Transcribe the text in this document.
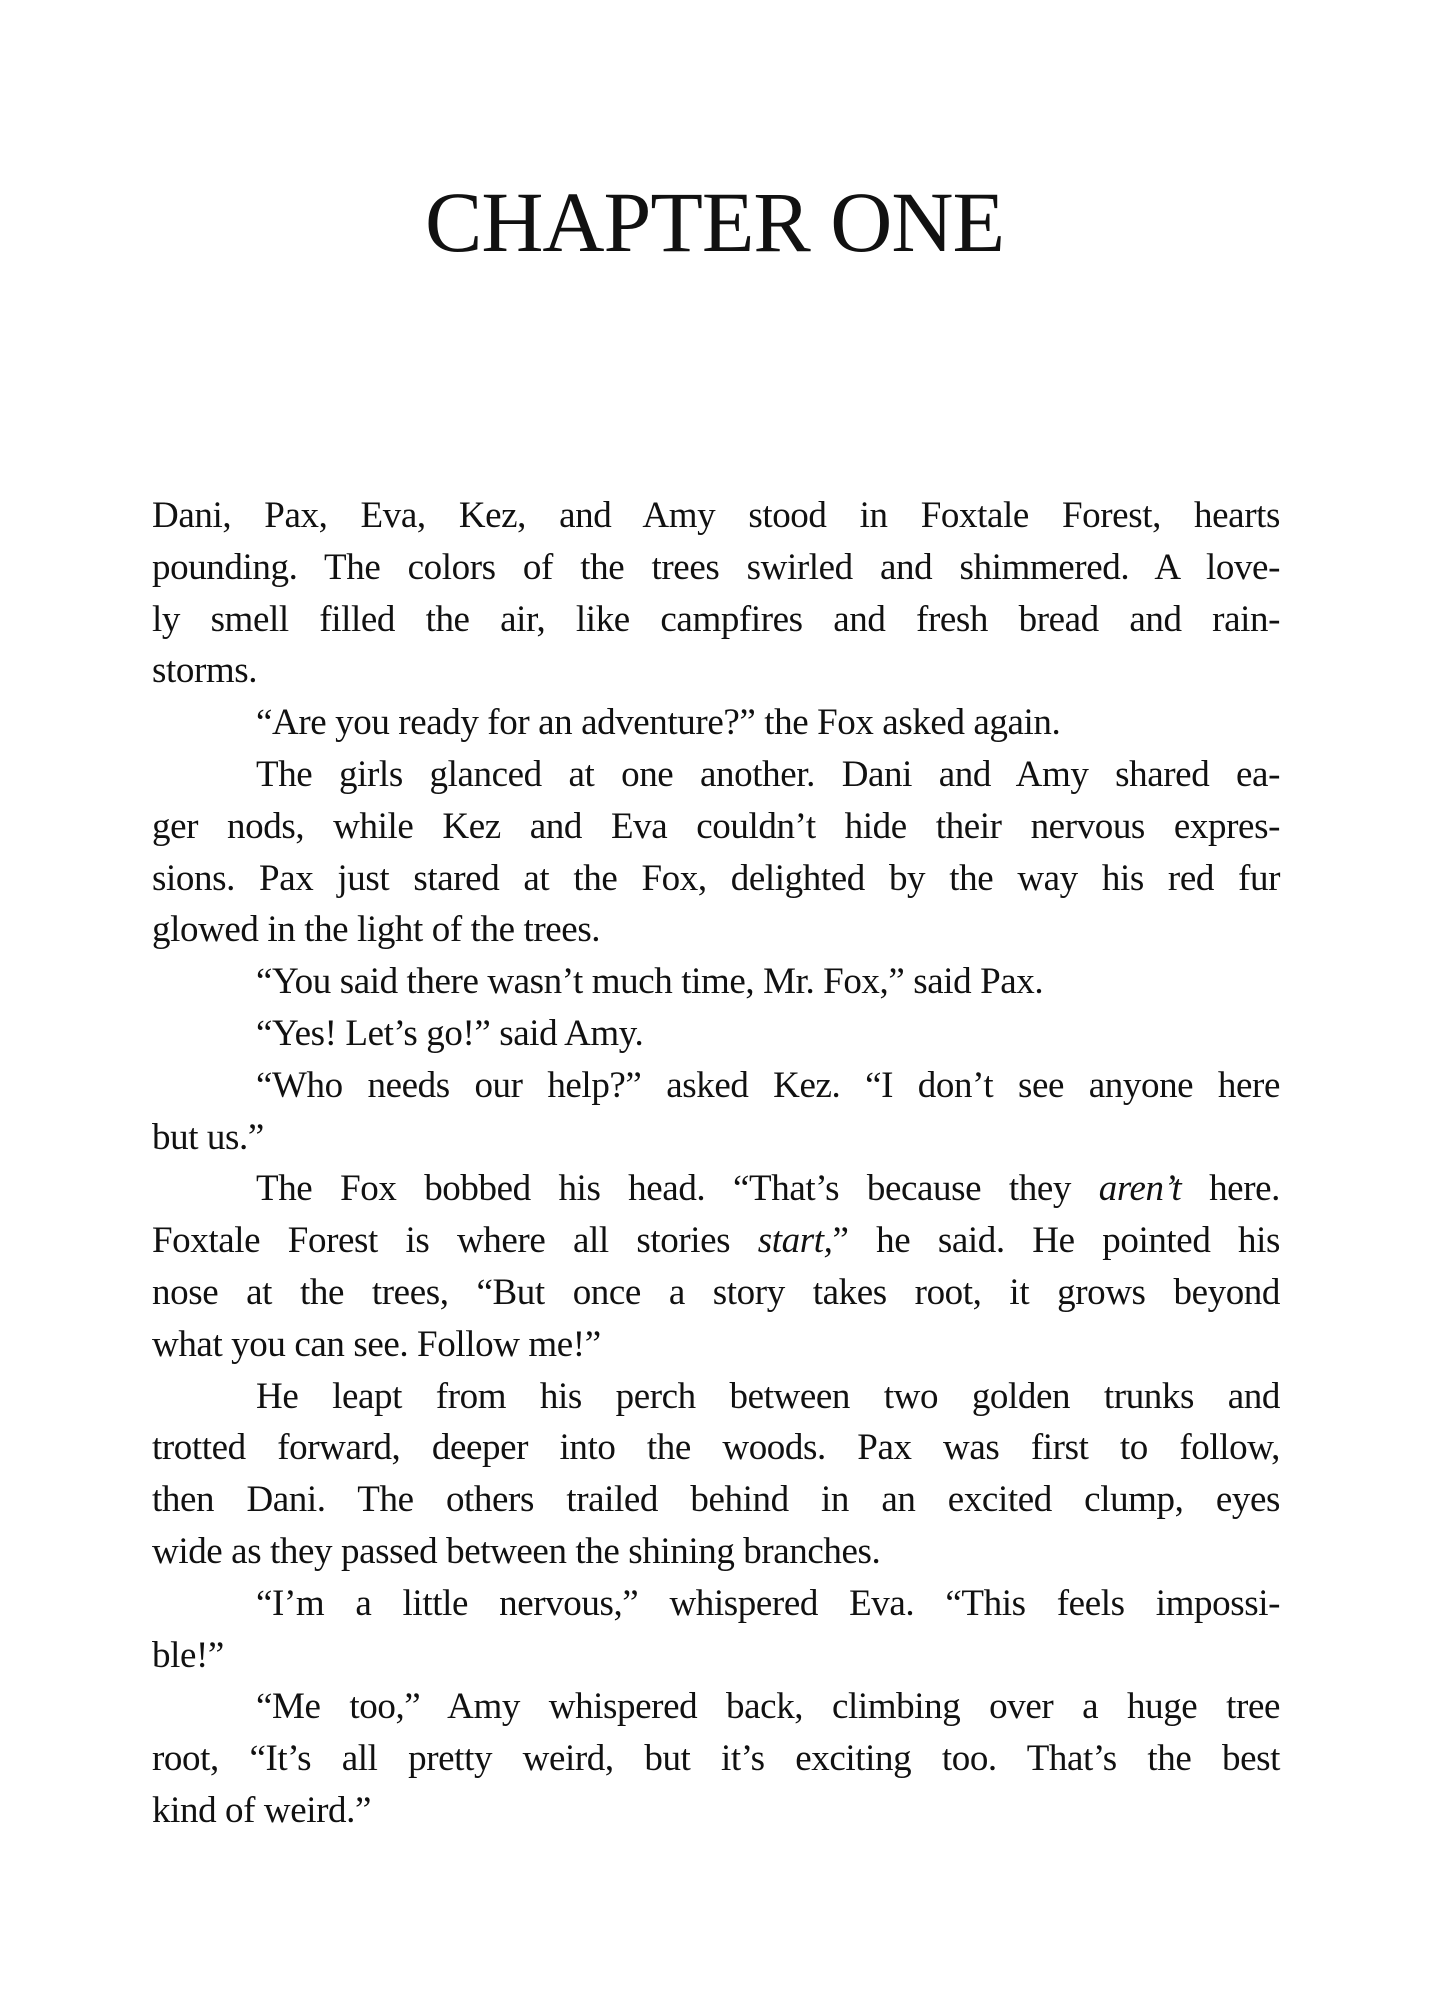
CHAPTER ONE

Dani, Pax, Eva, Kez, and Amy stood in Foxtale Forest, hearts
pounding. The colors of the trees swirled and shimmered. A love-
ly smell filled the air, like campfires and fresh bread and rain-
storms.

“Are you ready for an adventure?” the Fox asked again.

The girls glanced at one another. Dani and Amy shared ea-
ger nods, while Kez and Eva couldn’t hide their nervous expres-
sions. Pax just stared at the Fox, delighted by the way his red fur
glowed in the light of the trees.

“You said there wasn’t much time, Mr. Fox,” said Pax.

“Yes! Let’s go!” said Amy.

“Who needs our help?” asked Kez. “I don’t see anyone here
but us.”

The Fox bobbed his head. “That’s because they aren’t here.
Foxtale Forest is where all stories start,” he said. He pointed his
nose at the trees, “But once a story takes root, it grows beyond
what you can see. Follow me!”

He leapt from his perch between two golden trunks and
trotted forward, deeper into the woods. Pax was first to follow,
then Dani. The others trailed behind in an excited clump, eyes
wide as they passed between the shining branches.

“I’m a little nervous,” whispered Eva. “This feels impossi-
ble!”

“Me too,” Amy whispered back, climbing over a huge tree
root, “It’s all pretty weird, but it’s exciting too. That’s the best
kind of weird.”
